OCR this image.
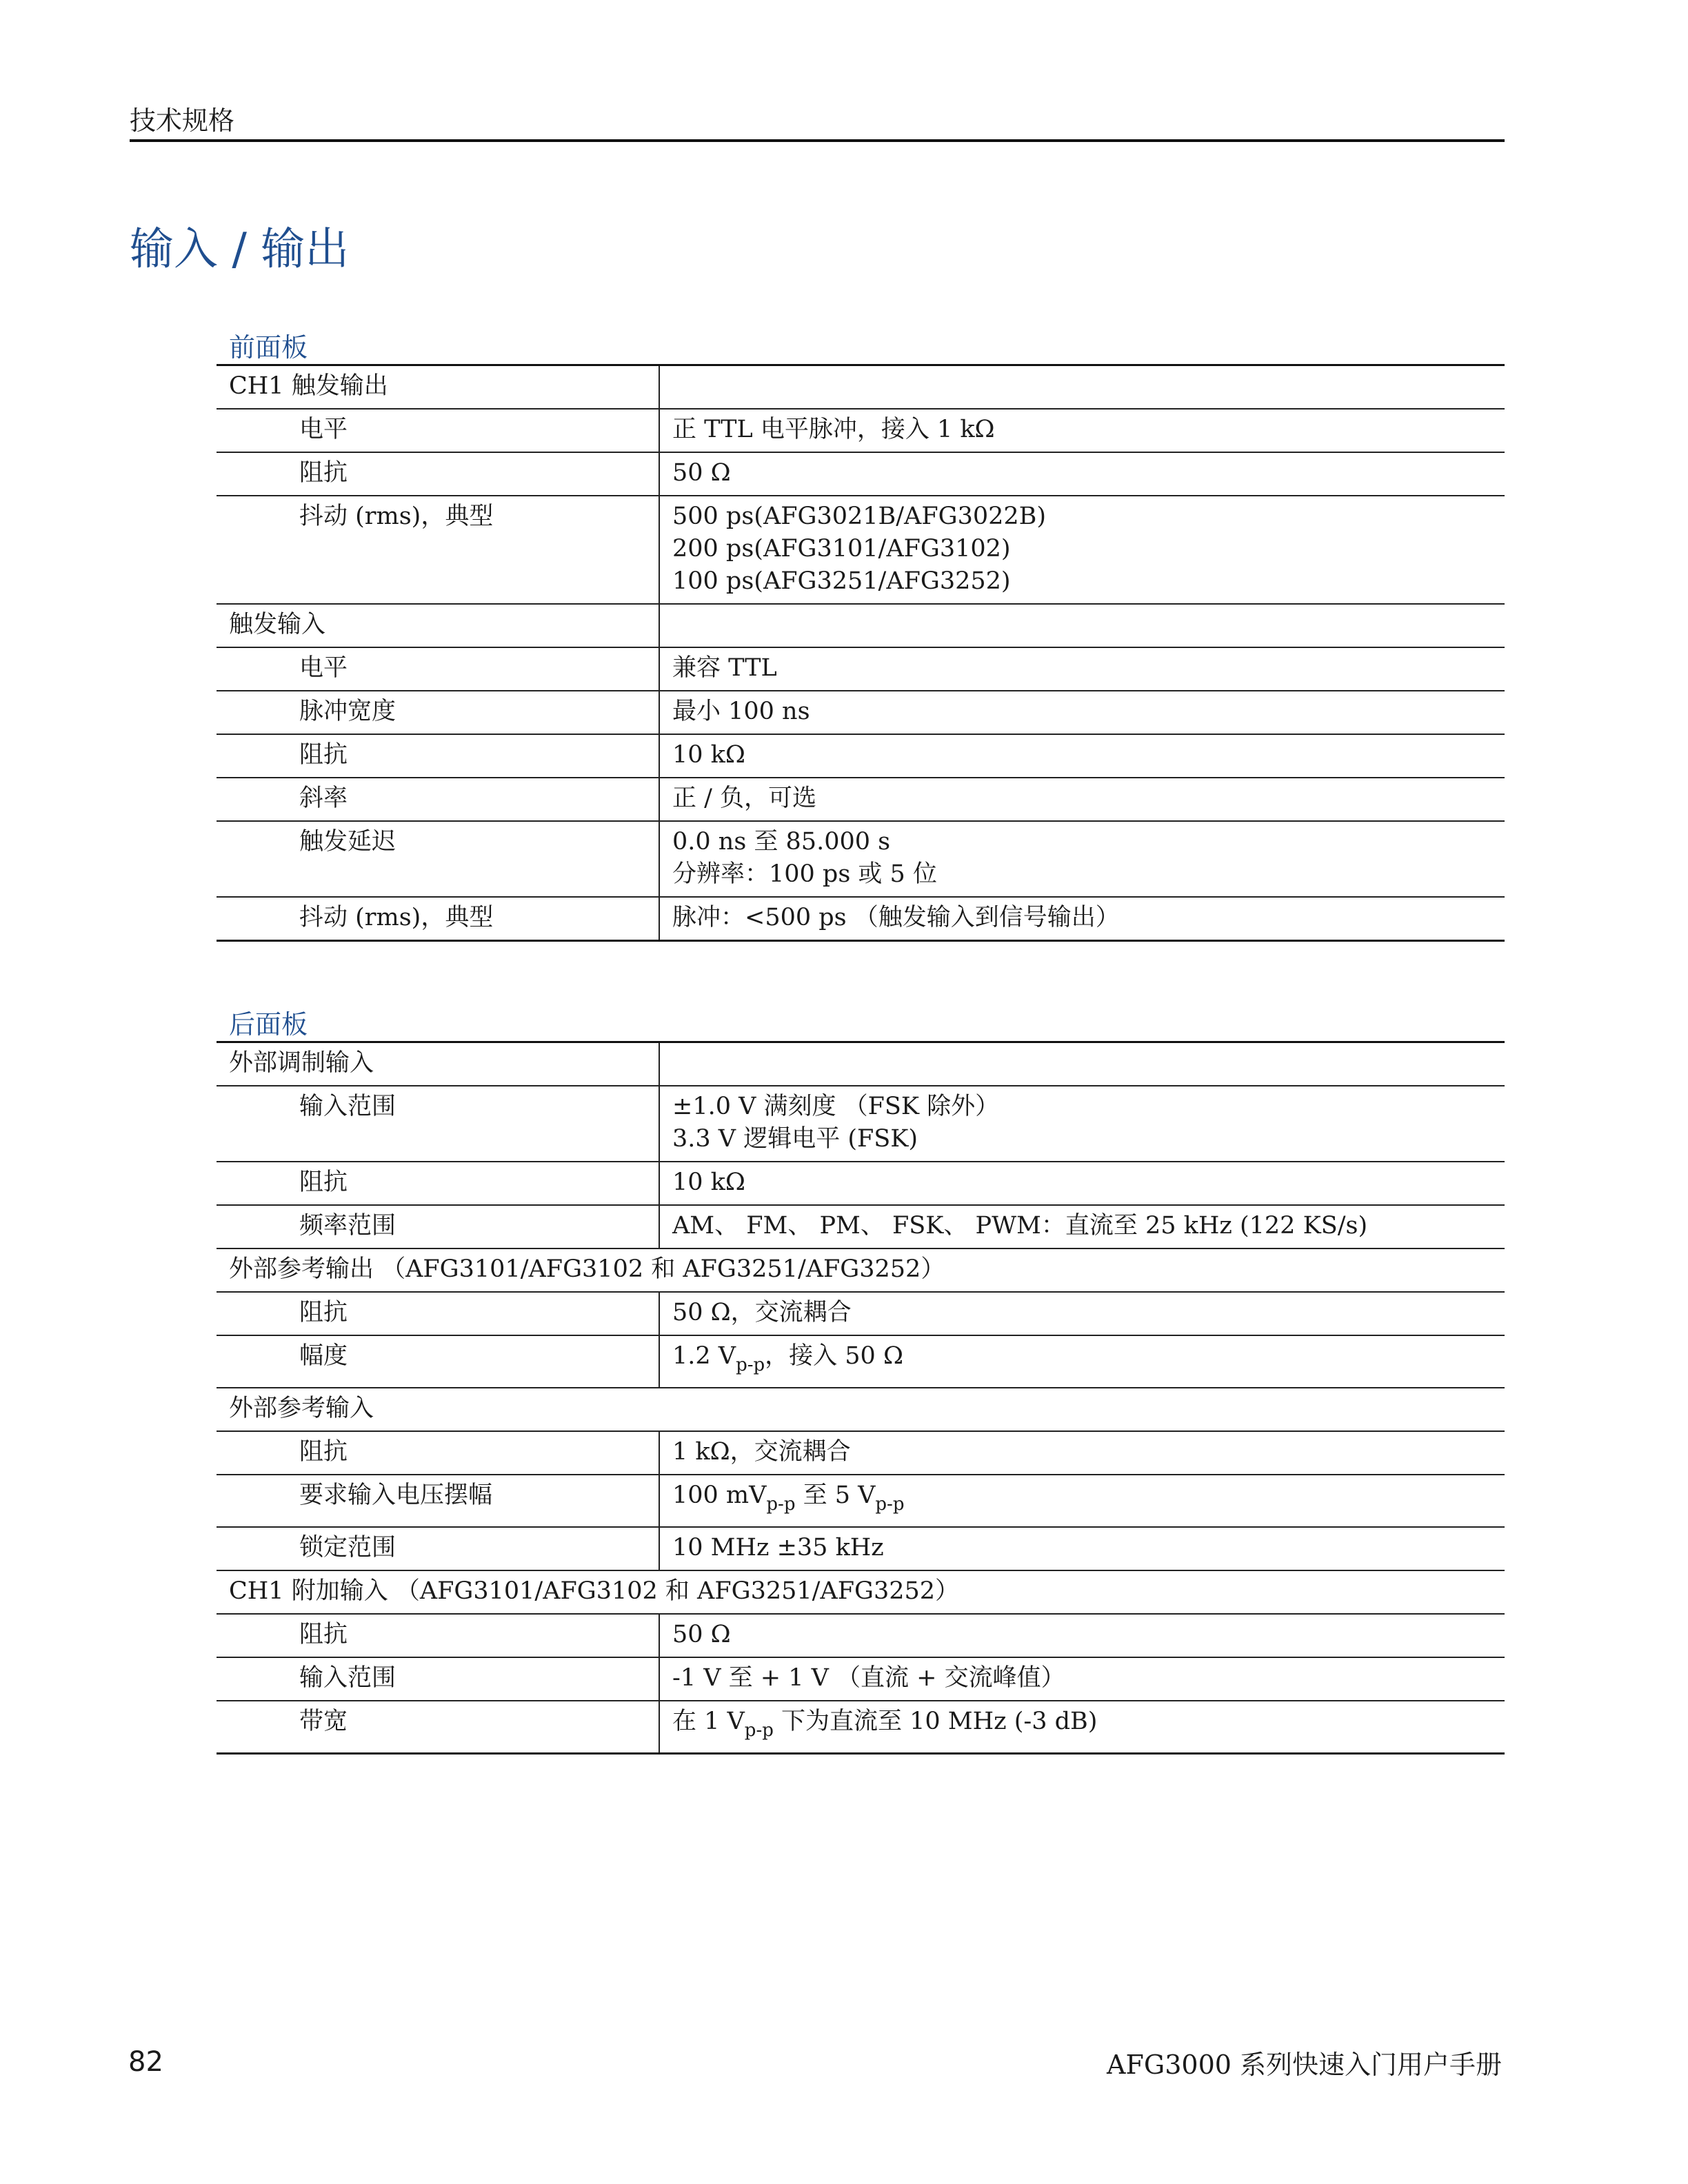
技术规格
输入 / 输出
前面板
CH1 触发输出	
电平	正 TTL 电平脉冲，接入 1 kΩ

阻抗	50 Ω

抖动 (rms)，典型	500 ps(AFG3021B/AFG3022B)
200 ps(AFG3101/AFG3102)
100 ps(AFG3251/AFG3252)

触发输入	
电平	兼容 TTL

脉冲宽度	最小 100 ns

阻抗	10 kΩ

斜率	正 / 负，可选

触发延迟	0.0 ns 至 85.000 s
分辨率：100 ps 或 5 位

抖动 (rms)，典型	脉冲：<500 ps （触发输入到信号输出）
后面板
外部调制输入	
输入范围	±1.0 V 满刻度 （FSK 除外）
3.3 V 逻辑电平 (FSK)

阻抗	10 kΩ
频率范围	AM、 FM、 PM、 FSK、 PWM：直流至 25 kHz (122 KS/s)
外部参考输出 （AFG3101/AFG3102 和 AFG3251/AFG3252）	
阻抗	50 Ω，交流耦合
幅度	1.2 $V_{p-p}$，接入 50 Ω
外部参考输入	
阻抗	1 kΩ，交流耦合
要求输入电压摆幅	100 $mV_{p-p}$ 至 5 $V_{p-p}$
锁定范围	10 MHz ±35 kHz
CH1 附加输入 （AFG3101/AFG3102 和 AFG3251/AFG3252）	
阻抗	50 Ω
输入范围	-1 V 至 + 1 V （直流 + 交流峰值）
带宽	在 1 $V_{p-p}$ 下为直流至 10 MHz (-3 dB)
82	AFG3000 系列快速入门用户手册
